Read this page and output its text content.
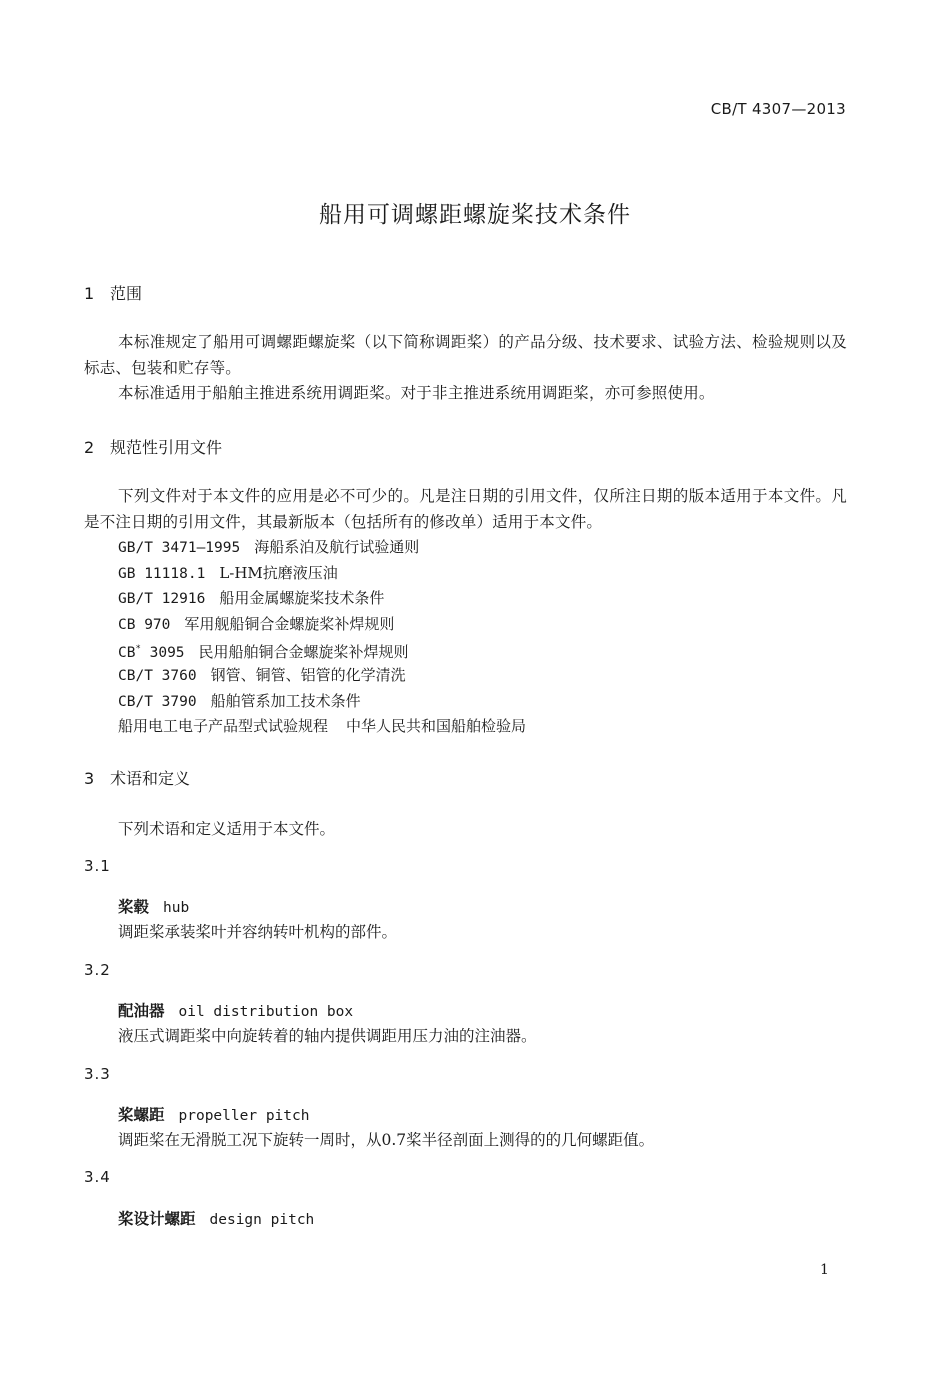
CB/T 4307—2013
船用可调螺距螺旋桨技术条件
1 范围
本标准规定了船用可调螺距螺旋桨（以下简称调距桨）的产品分级、技术要求、试验方法、检验规则以及标志、包装和贮存等。
本标准适用于船舶主推进系统用调距桨。对于非主推进系统用调距桨，亦可参照使用。
2 规范性引用文件
下列文件对于本文件的应用是必不可少的。凡是注日期的引用文件，仅所注日期的版本适用于本文件。凡是不注日期的引用文件，其最新版本（包括所有的修改单）适用于本文件。
GB/T 3471—1995 海船系泊及航行试验通则
GB 11118.1 L-HM抗磨液压油
GB/T 12916 船用金属螺旋桨技术条件
CB 970 军用舰船铜合金螺旋桨补焊规则
CB* 3095 民用船舶铜合金螺旋桨补焊规则
CB/T 3760 钢管、铜管、铝管的化学清洗
CB/T 3790 船舶管系加工技术条件
船用电工电子产品型式试验规程 中华人民共和国船舶检验局
3 术语和定义
下列术语和定义适用于本文件。
3.1
桨毂 hub
调距桨承装桨叶并容纳转叶机构的部件。
3.2
配油器 oil distribution box
液压式调距桨中向旋转着的轴内提供调距用压力油的注油器。
3.3
桨螺距 propeller pitch
调距桨在无滑脱工况下旋转一周时，从0.7桨半径剖面上测得的的几何螺距值。
3.4
桨设计螺距 design pitch
1
